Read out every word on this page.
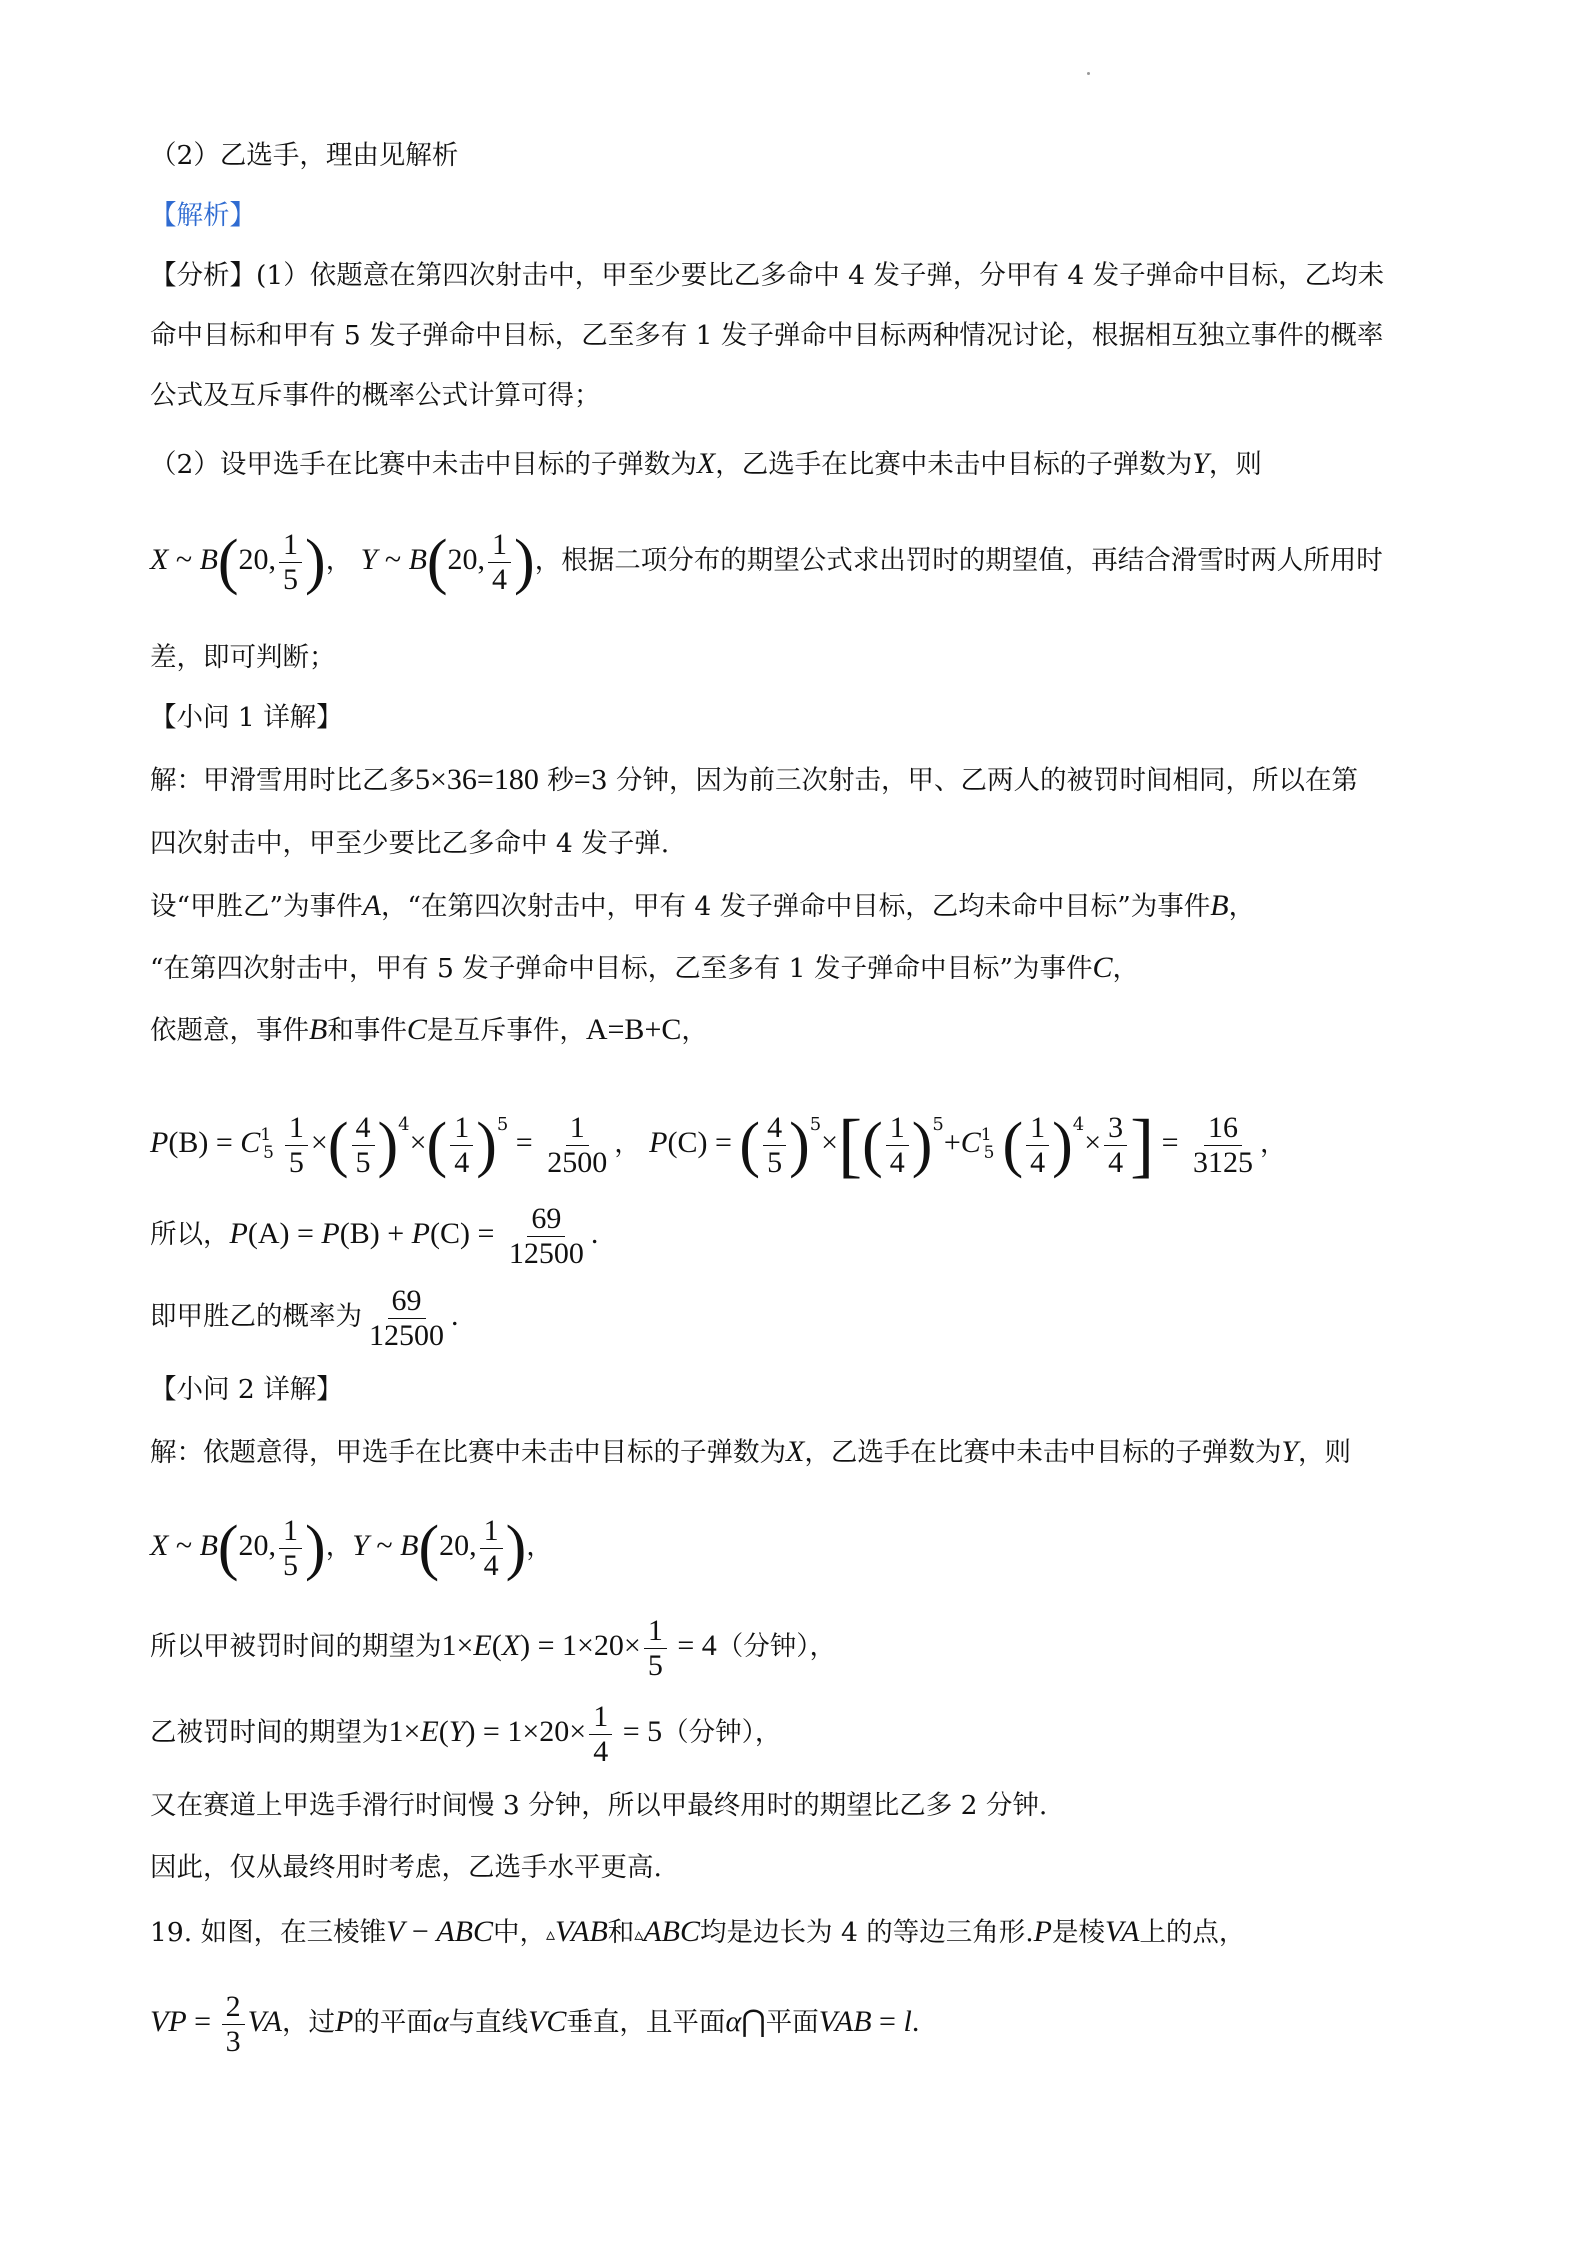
（2）乙选手，理由见解析
【解析】
【分析】(1）依题意在第四次射击中，甲至少要比乙多命中 4 发子弹，分甲有 4 发子弹命中目标，乙均未
命中目标和甲有 5 发子弹命中目标，乙至多有 1 发子弹命中目标两种情况讨论，根据相互独立事件的概率
公式及互斥事件的概率公式计算可得；
（2）设甲选手在比赛中未击中目标的子弹数为X，乙选手在比赛中未击中目标的子弹数为Y，则
X ~ B(20, $\frac{1}{5}$ )， Y ~ B(20, $\frac{1}{4}$ )，根据二项分布的期望公式求出罚时的期望值，再结合滑雪时两人所用时
差，即可判断；
【小问 1 详解】
解：甲滑雪用时比乙多5×36=180 秒=3 分钟，因为前三次射击，甲、乙两人的被罚时间相同，所以在第
四次射击中，甲至少要比乙多命中 4 发子弹.
设“甲胜乙”为事件A，“在第四次射击中，甲有 4 发子弹命中目标，乙均未命中目标”为事件B，
“在第四次射击中，甲有 5 发子弹命中目标，乙至多有 1 发子弹命中目标”为事件C，
依题意，事件B和事件C是互斥事件，A=B+C，
$P(B) = C15 \frac{1}{5}$ ×( $\frac{4}{5} )^4\times( \frac{1}{4} )^5 = \frac{1}{2500}$ ， P(C) = ( $\frac{4}{5} )^5\times[( \frac{1}{4} )^5+C15$ ( $\frac{1}{4} )^4\times \frac{3}{4}$ ] = $\frac{16}{3125}$ ，
所以，$P(A) = P(B) + P(C) = \frac{69}{12500}$ .
即甲胜乙的概率为 $\frac{69}{12500}$ .
【小问 2 详解】
解：依题意得，甲选手在比赛中未击中目标的子弹数为X，乙选手在比赛中未击中目标的子弹数为Y，则
X ~ B(20, $\frac{1}{5}$ )，Y ~ B(20, $\frac{1}{4}$ )，
所以甲被罚时间的期望为$1\times E(X) = 1\times 20\times \frac{1}{5} = 4$（分钟），
乙被罚时间的期望为$1\times E(Y) = 1\times 20\times \frac{1}{4} = 5$（分钟），
又在赛道上甲选手滑行时间慢 3 分钟，所以甲最终用时的期望比乙多 2 分钟.
因此，仅从最终用时考虑，乙选手水平更高.
19. 如图，在三棱锥V − ABC中，▵VAB和▵ABC均是边长为 4 的等边三角形.P是棱VA上的点，
VP = $\frac{2}{3}$ VA，过P的平面α与直线VC垂直，且平面α⋂平面VAB = l.
